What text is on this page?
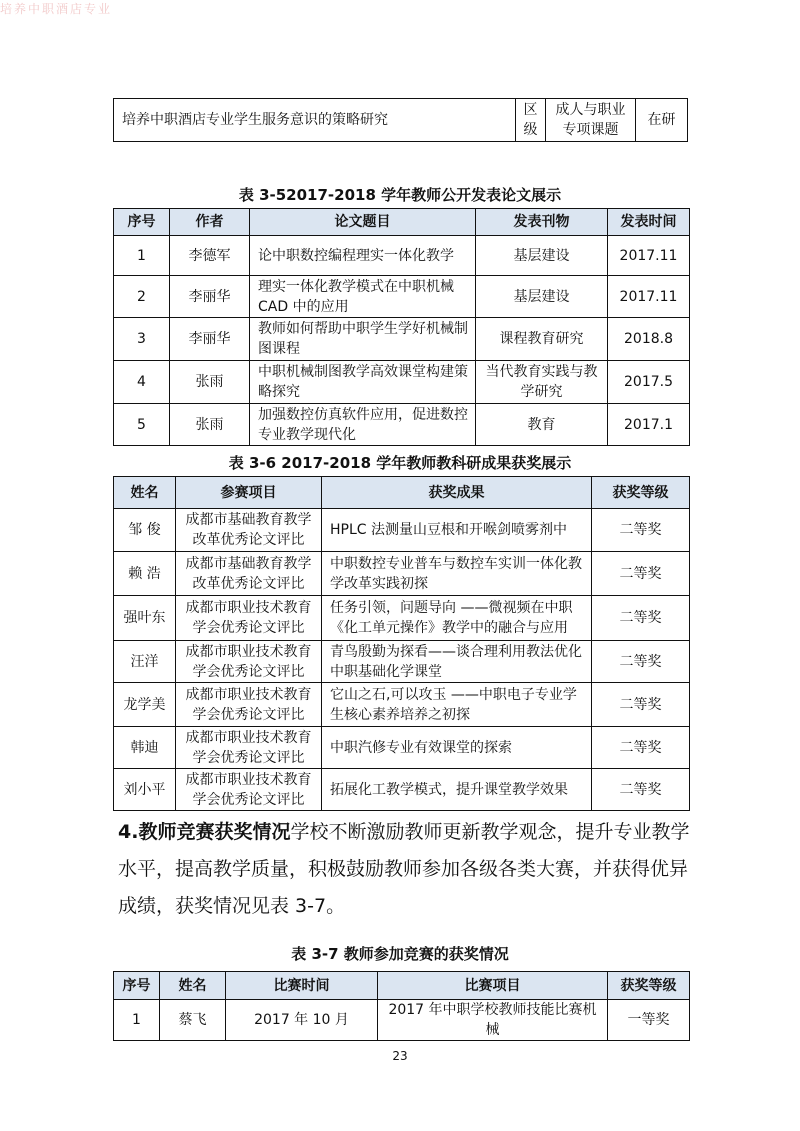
培养中职酒店专业
培养中职酒店专业学生服务意识的策略研究	区级	成人与职业专项课题	在研
表 3-52017-2018 学年教师公开发表论文展示
序号	作者	论文题目	发表刊物	发表时间
1	李德军	论中职数控编程理实一体化教学	基层建设	2017.11
2	李丽华	理实一体化教学模式在中职机械CAD 中的应用	基层建设	2017.11
3	李丽华	教师如何帮助中职学生学好机械制图课程	课程教育研究	2018.8
4	张雨	中职机械制图教学高效课堂构建策略探究	当代教育实践与教学研究	2017.5
5	张雨	加强数控仿真软件应用，促进数控专业教学现代化	教育	2017.1
表 3-6 2017-2018 学年教师教科研成果获奖展示
姓名	参赛项目	获奖成果	获奖等级
邹 俊	成都市基础教育教学改革优秀论文评比	HPLC 法测量山豆根和开喉剑喷雾剂中	二等奖
赖 浩	成都市基础教育教学改革优秀论文评比	中职数控专业普车与数控车实训一体化教学改革实践初探	二等奖
强叶东	成都市职业技术教育学会优秀论文评比	任务引领，问题导向 ——微视频在中职《化工单元操作》教学中的融合与应用	二等奖
汪洋	成都市职业技术教育学会优秀论文评比	青鸟殷勤为探看——谈合理利用教法优化中职基础化学课堂	二等奖
龙学美	成都市职业技术教育学会优秀论文评比	它山之石,可以攻玉 ——中职电子专业学生核心素养培养之初探	二等奖
韩迪	成都市职业技术教育学会优秀论文评比	中职汽修专业有效课堂的探索	二等奖
刘小平	成都市职业技术教育学会优秀论文评比	拓展化工教学模式，提升课堂教学效果	二等奖
4.教师竞赛获奖情况学校不断激励教师更新教学观念，提升专业教学水平，提高教学质量，积极鼓励教师参加各级各类大赛，并获得优异成绩，获奖情况见表 3-7。
表 3-7 教师参加竞赛的获奖情况
序号	姓名	比赛时间	比赛项目	获奖等级
1	蔡飞	2017 年 10 月	2017 年中职学校教师技能比赛机械	一等奖
23
